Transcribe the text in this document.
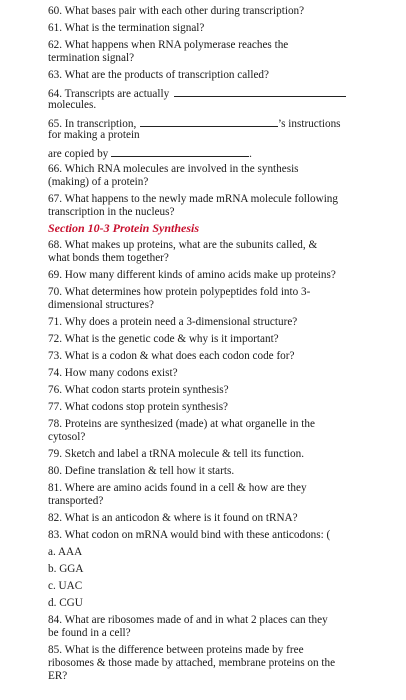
60. What bases pair with each other during transcription?
61. What is the termination signal?
62. What happens when RNA polymerase reaches the
termination signal?
63. What are the products of transcription called?
64. Transcripts are actually
molecules.
65. In transcription,	’s instructions
for making a protein
are copied by	.
66. Which RNA molecules are involved in the synthesis
(making) of a protein?
67. What happens to the newly made mRNA molecule following
transcription in the nucleus?
Section 10-3 Protein Synthesis
68. What makes up proteins, what are the subunits called, &
what bonds them together?
69. How many different kinds of amino acids make up proteins?
70. What determines how protein polypeptides fold into 3-
dimensional structures?
71. Why does a protein need a 3-dimensional structure?
72. What is the genetic code & why is it important?
73. What is a codon & what does each codon code for?
74. How many codons exist?
76. What codon starts protein synthesis?
77. What codons stop protein synthesis?
78. Proteins are synthesized (made) at what organelle in the
cytosol?
79. Sketch and label a tRNA molecule & tell its function.
80. Define translation & tell how it starts.
81. Where are amino acids found in a cell & how are they
transported?
82. What is an anticodon & where is it found on tRNA?
83. What codon on mRNA would bind with these anticodons: (
a. AAA
b. GGA
c. UAC
d. CGU
84. What are ribosomes made of and in what 2 places can they
be found in a cell?
85. What is the difference between proteins made by free
ribosomes & those made by attached, membrane proteins on the
ER?
